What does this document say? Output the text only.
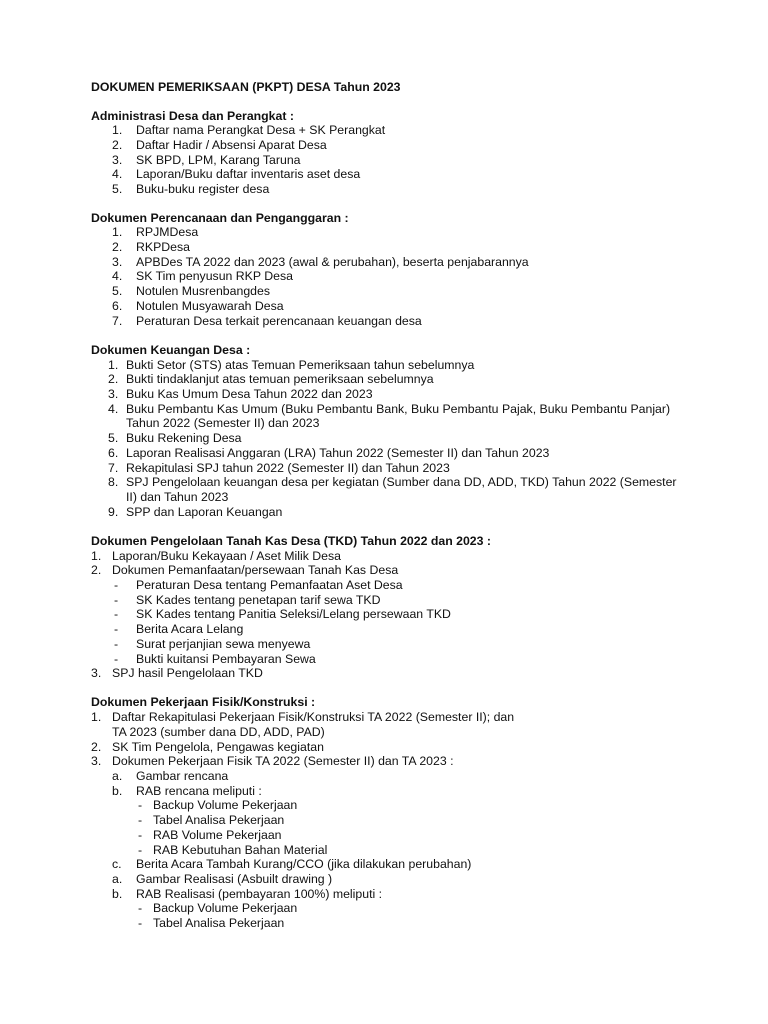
DOKUMEN PEMERIKSAAN (PKPT) DESA Tahun 2023
Administrasi Desa dan Perangkat :
1. Daftar nama Perangkat Desa + SK Perangkat
2. Daftar Hadir / Absensi Aparat Desa
3. SK BPD, LPM, Karang Taruna
4. Laporan/Buku daftar inventaris aset desa
5. Buku-buku register desa
Dokumen Perencanaan dan Penganggaran :
1. RPJMDesa
2. RKPDesa
3. APBDes TA 2022 dan 2023 (awal & perubahan), beserta penjabarannya
4. SK Tim penyusun RKP Desa
5. Notulen Musrenbangdes
6. Notulen Musyawarah Desa
7. Peraturan Desa terkait perencanaan keuangan desa
Dokumen Keuangan Desa :
1. Bukti Setor (STS) atas Temuan Pemeriksaan tahun sebelumnya
2. Bukti tindaklanjut atas temuan pemeriksaan sebelumnya
3. Buku Kas Umum Desa Tahun 2022 dan 2023
4. Buku Pembantu Kas Umum (Buku Pembantu Bank, Buku Pembantu Pajak, Buku Pembantu Panjar)
Tahun 2022 (Semester II) dan 2023
5. Buku Rekening Desa
6. Laporan Realisasi Anggaran (LRA) Tahun 2022 (Semester II) dan Tahun 2023
7. Rekapitulasi SPJ tahun 2022 (Semester II) dan Tahun 2023
8. SPJ Pengelolaan keuangan desa per kegiatan (Sumber dana DD, ADD, TKD) Tahun 2022 (Semester
II) dan Tahun 2023
9. SPP dan Laporan Keuangan
Dokumen Pengelolaan Tanah Kas Desa (TKD) Tahun 2022 dan 2023 :
1. Laporan/Buku Kekayaan / Aset Milik Desa
2. Dokumen Pemanfaatan/persewaan Tanah Kas Desa
- Peraturan Desa tentang Pemanfaatan Aset Desa
- SK Kades tentang penetapan tarif sewa TKD
- SK Kades tentang Panitia Seleksi/Lelang persewaan TKD
- Berita Acara Lelang
- Surat perjanjian sewa menyewa
- Bukti kuitansi Pembayaran Sewa
3. SPJ hasil Pengelolaan TKD
Dokumen Pekerjaan Fisik/Konstruksi :
1. Daftar Rekapitulasi Pekerjaan Fisik/Konstruksi TA 2022 (Semester II); dan
TA 2023 (sumber dana DD, ADD, PAD)
2. SK Tim Pengelola, Pengawas kegiatan
3. Dokumen Pekerjaan Fisik TA 2022 (Semester II) dan TA 2023 :
a. Gambar rencana
b. RAB rencana meliputi :
- Backup Volume Pekerjaan
- Tabel Analisa Pekerjaan
- RAB Volume Pekerjaan
- RAB Kebutuhan Bahan Material
c. Berita Acara Tambah Kurang/CCO (jika dilakukan perubahan)
a. Gambar Realisasi (Asbuilt drawing )
b. RAB Realisasi (pembayaran 100%) meliputi :
- Backup Volume Pekerjaan
- Tabel Analisa Pekerjaan
